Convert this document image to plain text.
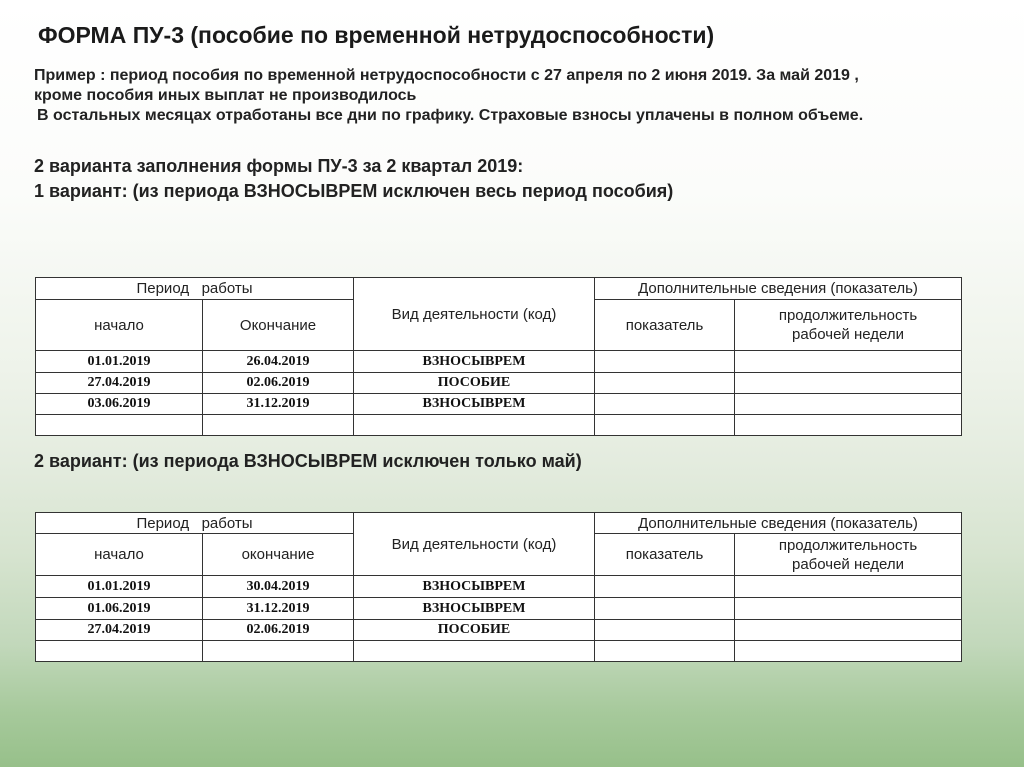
ФОРМА ПУ-3 (пособие по временной нетрудоспособности)
Пример : период пособия по временной нетрудоспособности с 27 апреля по 2 июня 2019. За май 2019 ,
кроме пособия иных выплат не производилось
В остальных месяцах отработаны все дни по графику. Страховые взносы уплачены в полном объеме.
2 варианта заполнения формы ПУ-3 за 2 квартал 2019:
1 вариант: (из периода ВЗНОСЫВРЕМ исключен весь период пособия)
Период   работы		Вид деятельности (код)	Дополнительные сведения (показатель)	
начало	Окончание		показатель	продолжительность рабочей недели
01.01.2019	26.04.2019	ВЗНОСЫВРЕМ		
27.04.2019	02.06.2019	ПОСОБИЕ		
03.06.2019	31.12.2019	ВЗНОСЫВРЕМ		

2 вариант: (из периода ВЗНОСЫВРЕМ исключен только май)
Период   работы		Вид деятельности (код)	Дополнительные сведения (показатель)	
начало	окончание		показатель	продолжительность рабочей недели
01.01.2019	30.04.2019	ВЗНОСЫВРЕМ		
01.06.2019	31.12.2019	ВЗНОСЫВРЕМ		
27.04.2019	02.06.2019	ПОСОБИЕ		
